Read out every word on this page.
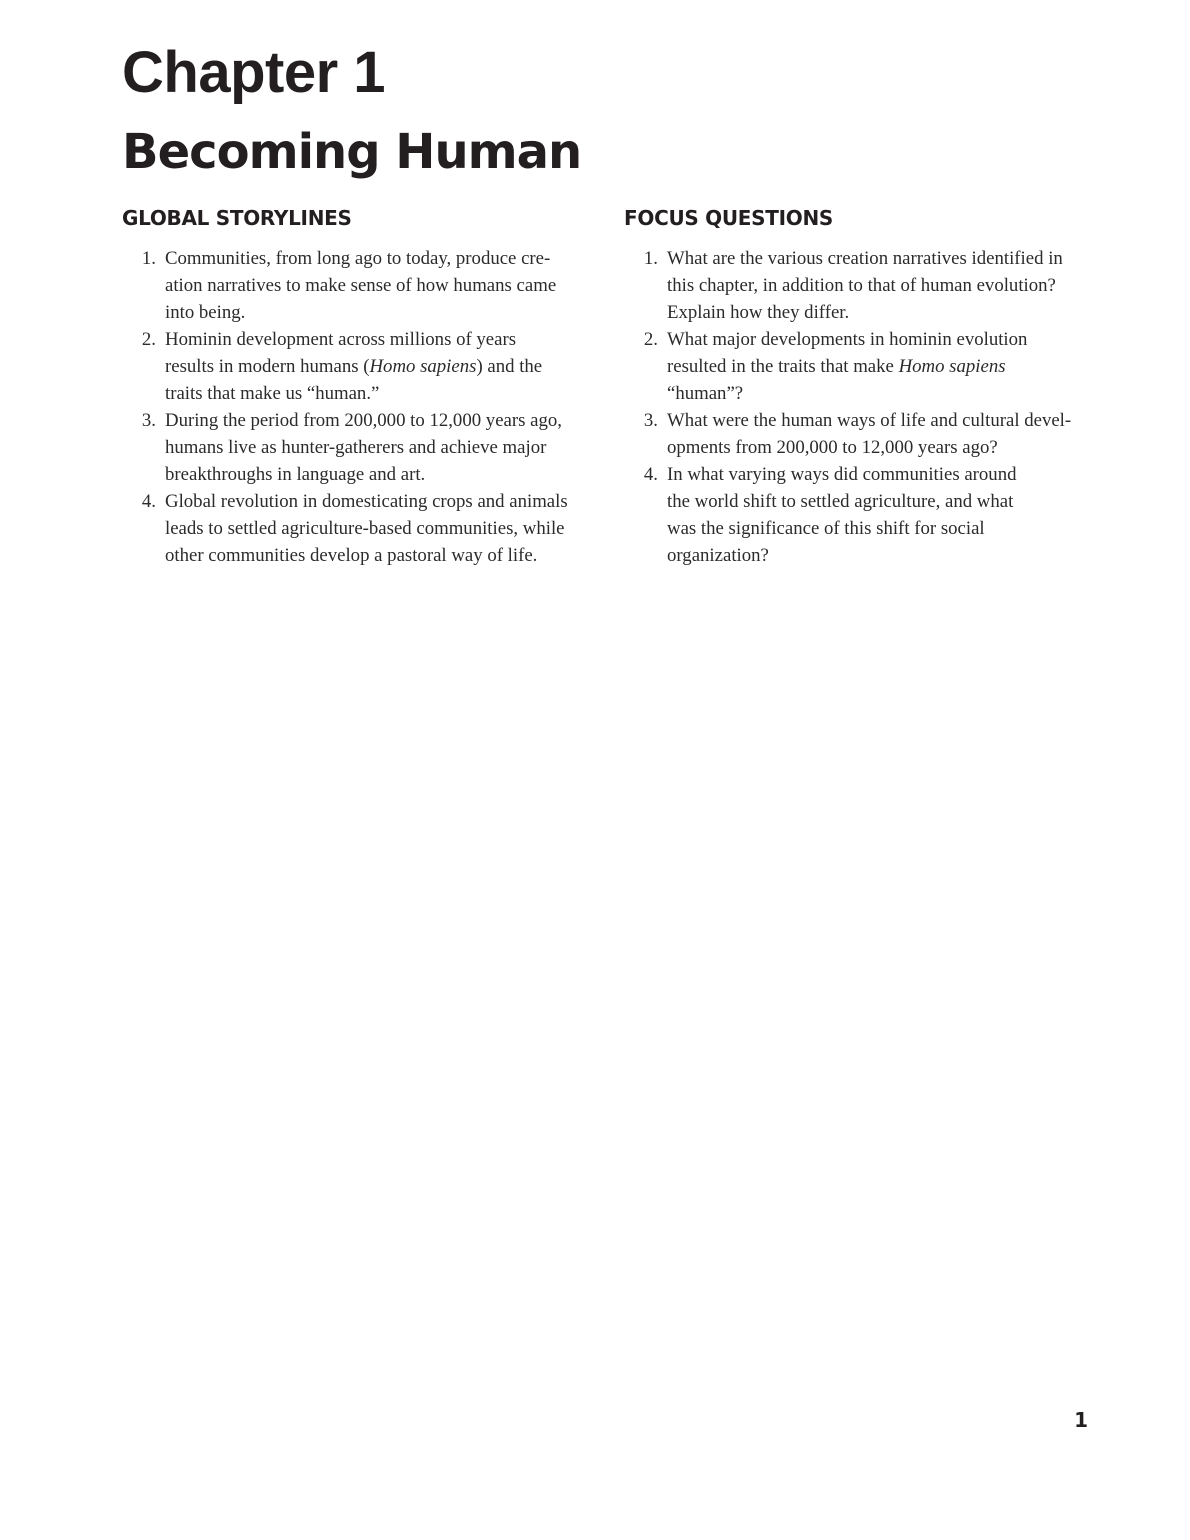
Chapter 1
Becoming Human
GLOBAL STORYLINES
1. Communities, from long ago to today, produce cre-
ation narratives to make sense of how humans came
into being.
2. Hominin development across millions of years
results in modern humans (Homo sapiens) and the
traits that make us “human.”
3. During the period from 200,000 to 12,000 years ago,
humans live as hunter-gatherers and achieve major
breakthroughs in language and art.
4. Global revolution in domesticating crops and animals
leads to settled agriculture-based communities, while
other communities develop a pastoral way of life.
FOCUS QUESTIONS
1. What are the various creation narratives identified in
this chapter, in addition to that of human evolution?
Explain how they differ.
2. What major developments in hominin evolution
resulted in the traits that make Homo sapiens
“human”?
3. What were the human ways of life and cultural devel-
opments from 200,000 to 12,000 years ago?
4. In what varying ways did communities around
the world shift to settled agriculture, and what
was the significance of this shift for social
organization?
1
